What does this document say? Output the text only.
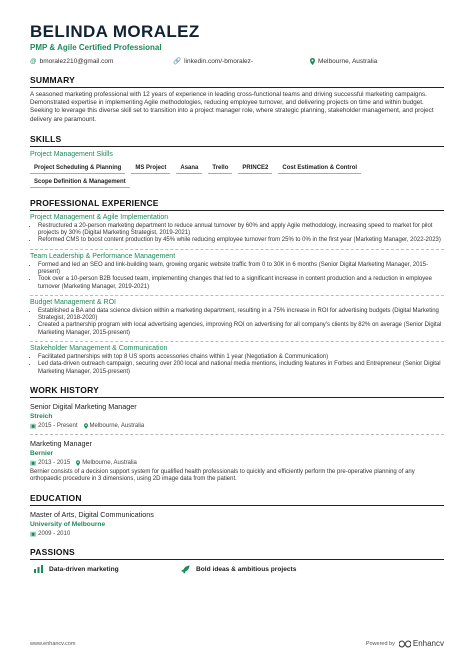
BELINDA MORALEZ
PMP & Agile Certified Professional
@ bmoralez210@gmail.com	🔗 linkedin.com/-bmoralez-	Melbourne, Australia
SUMMARY
A seasoned marketing professional with 12 years of experience in leading cross-functional teams and driving successful marketing campaigns. Demonstrated expertise in implementing Agile methodologies, reducing employee turnover, and delivering projects on time and within budget. Seeking to leverage this diverse skill set to transition into a project manager role, where strategic planning, stakeholder management, and project delivery are paramount.
SKILLS
Project Management Skills
Project Scheduling & Planning	MS Project	Asana	Trello	PRINCE2	Cost Estimation & Control
Scope Definition & Management
PROFESSIONAL EXPERIENCE
Project Management & Agile Implementation
• Restructured a 20-person marketing department to reduce annual turnover by 60% and apply Agile methodology, increasing speed to market for pilot projects by 30% (Digital Marketing Strategist, 2019-2021)
• Reformed CMS to boost content production by 45% while reducing employee turnover from 25% to 0% in the first year (Marketing Manager, 2022-2023)
Team Leadership & Performance Management
• Formed and led an SEO and link-building team, growing organic website traffic from 0 to 30K in 6 months (Senior Digital Marketing Manager, 2015-present)
• Took over a 10-person B2B focused team, implementing changes that led to a significant increase in content production and a reduction in employee turnover (Marketing Manager, 2019-2021)
Budget Management & ROI
• Established a BA and data science division within a marketing department, resulting in a 75% increase in ROI for advertising budgets (Digital Marketing Strategist, 2018-2020)
• Created a partnership program with local advertising agencies, improving ROI on advertising for all company's clients by 82% on average (Senior Digital Marketing Manager, 2015-present)
Stakeholder Management & Communication
• Facilitated partnerships with top 8 US sports accessories chains within 1 year (Negotiation & Communication)
• Led data-driven outreach campaign, securing over 200 local and national media mentions, including features in Forbes and Entrepreneur (Senior Digital Marketing Manager, 2015-present)
WORK HISTORY
Senior Digital Marketing Manager
Streich
▣ 2015 - Present Melbourne, Australia
Marketing Manager
Bernier
▣ 2013 - 2015 Melbourne, Australia
Bernier consists of a decision support system for qualified health professionals to quickly and efficiently perform the pre-operative planning of any orthopaedic procedure in 3 dimensions, using 2D image data from the patient.
EDUCATION
Master of Arts, Digital Communications
University of Melbourne
▣ 2009 - 2010
PASSIONS
Data-driven marketing	Bold ideas & ambitious projects
www.enhancv.com	Powered by Enhancv
